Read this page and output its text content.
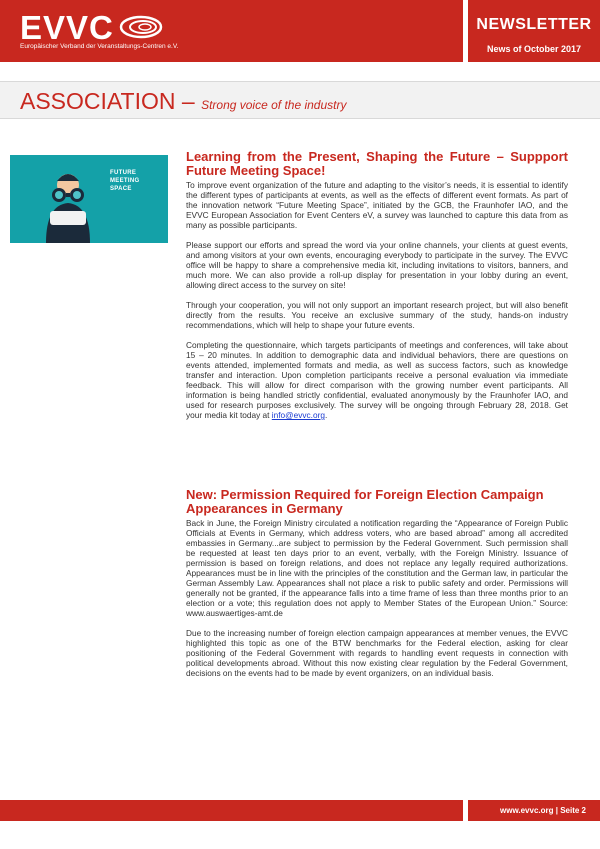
EVVC
Europäischer Verband der Veranstaltungs-Centren e.V.
NEWSLETTER
News of October 2017
ASSOCIATION – Strong voice of the industry
FUTURE
MEETING
SPACE
Learning from the Present, Shaping the Future – Suppport Future Meeting Space!

To improve event organization of the future and adapting to the visitor’s needs, it is essential to identify the different types of participants at events, as well as the effects of different event formats. As part of the innovation network “Future Meeting Space”, initiated by the GCB, the Fraunhofer IAO, and the EVVC European Association for Event Centers eV, a survey was launched to capture this data from as many as possible participants.

Please support our efforts and spread the word via your online channels, your clients at guest events, and among visitors at your own events, encouraging everybody to participate in the survey. The EVVC office will be happy to share a comprehensive media kit, including invitations to visitors, banners, and much more. We can also provide a roll-up display for presentation in your lobby during an event, allowing direct access to the survey on site!

Through your cooperation, you will not only support an important research project, but will also benefit directly from the results. You receive an exclusive summary of the study, hands-on industry recommendations, which will help to shape your future events.

Completing the questionnaire, which targets participants of meetings and conferences, will take about 15 – 20 minutes. In addition to demographic data and individual behaviors, there are questions on events attended, implemented formats and media, as well as success factors, such as knowledge transfer and interaction. Upon completion participants receive a personal evaluation via immediate feedback. This will allow for direct comparison with the growing number event participants. All information is being handled strictly confidential, evaluated anonymously by the Fraunhofer IAO, and used for research purposes exclusively. The survey will be ongoing through February 28, 2018. Get your media kit today at info@evvc.org.

New: Permission Required for Foreign Election Campaign Appearances in Germany

Back in June, the Foreign Ministry circulated a notification regarding the “Appearance of Foreign Public Officials at Events in Germany, which address voters, who are based abroad” among all accredited embassies in Germany...are subject to permission by the Federal Government. Such permission shall be requested at least ten days prior to an event, verbally, with the Foreign Ministry. Issuance of permission is based on foreign relations, and does not replace any legally required authorizations. Appearances must be in line with the principles of the constitution and the German law, in particular the German Assembly Law. Appearances shall not place a risk to public safety and order. Permissions will generally not be granted, if the appearance falls into a time frame of less than three months prior to an election or a vote; this regulation does not apply to Member States of the European Union.” Source: www.auswaertiges-amt.de

Due to the increasing number of foreign election campaign appearances at member venues, the EVVC highlighted this topic as one of the BTW benchmarks for the Federal election, asking for clear positioning of the Federal Government with regards to handling event requests in connection with political developments abroad. Without this now existing clear regulation by the Federal Government, decisions on the events had to be made by event organizers, on an individual basis.

www.evvc.org | Seite 2
